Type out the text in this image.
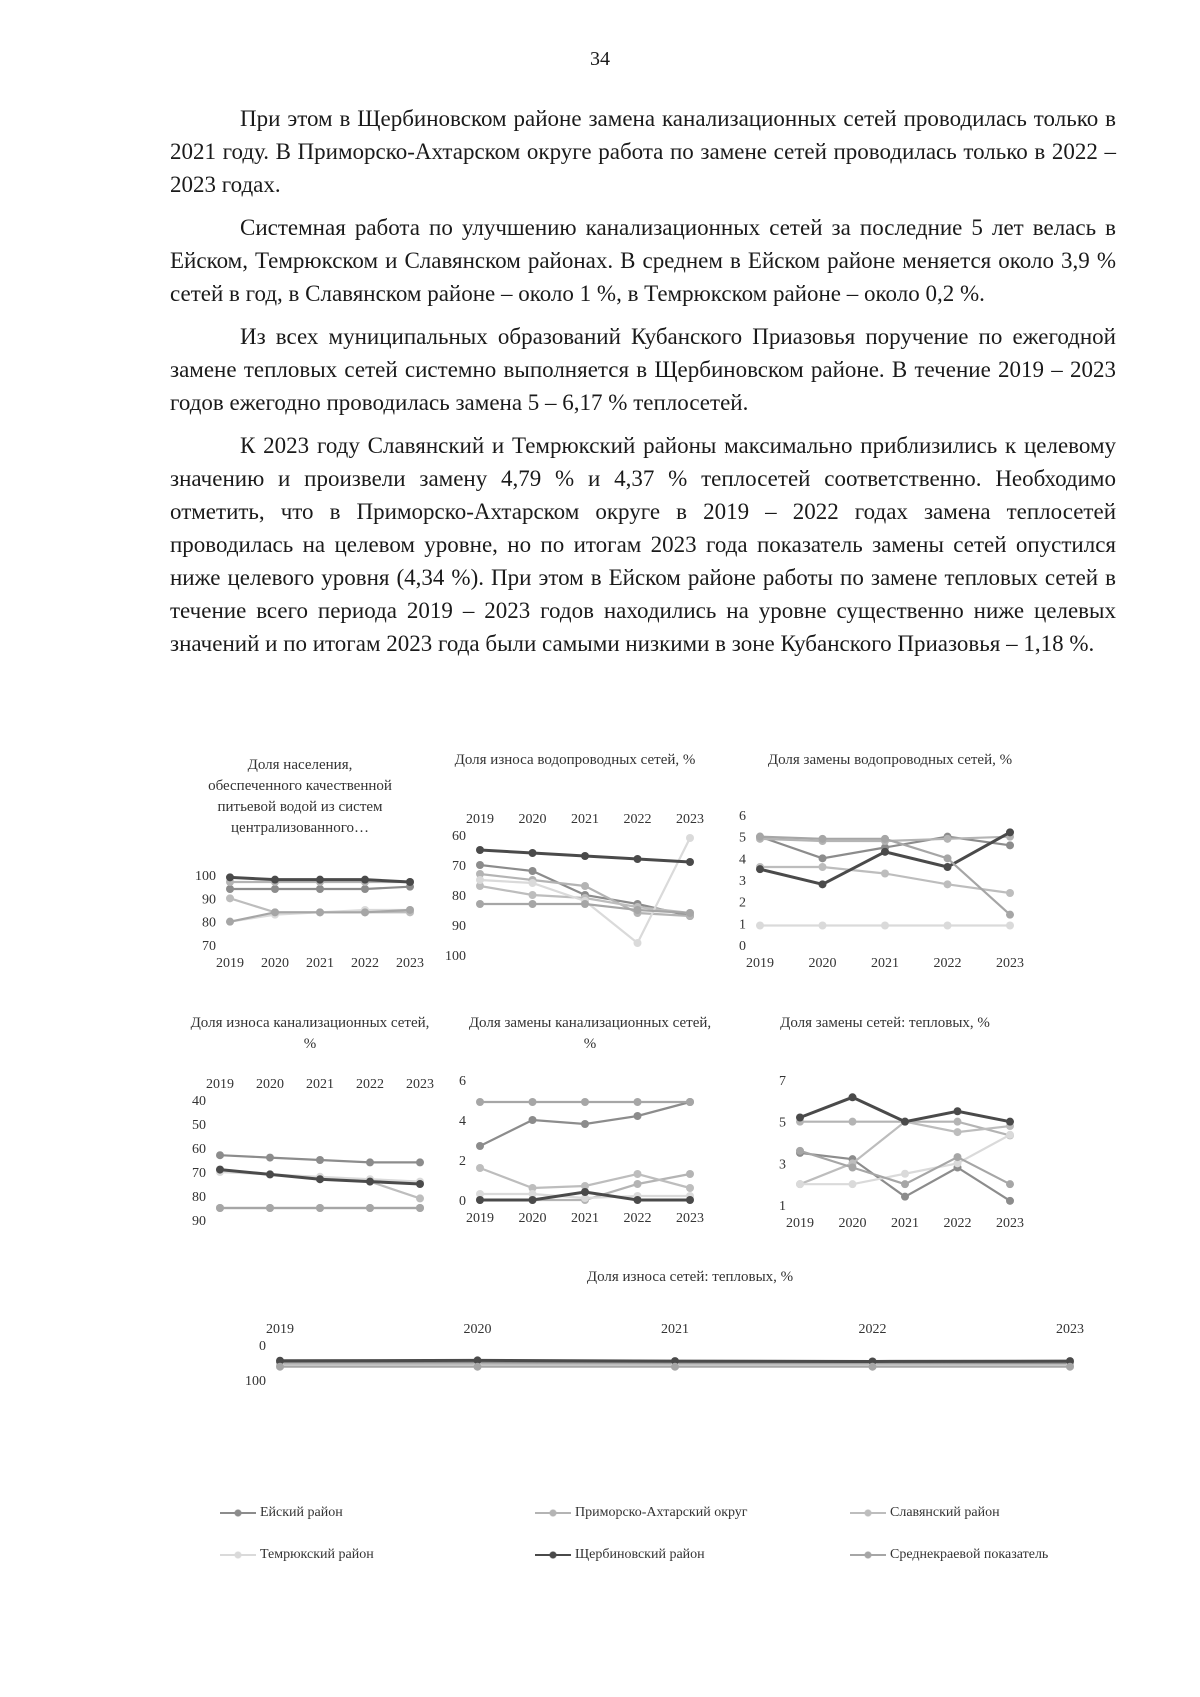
34

При этом в Щербиновском районе замена канализационных сетей проводилась только в 2021 году. В Приморско-Ахтарском округе работа по замене сетей проводилась только в 2022 – 2023 годах.

Системная работа по улучшению канализационных сетей за последние 5 лет велась в Ейском, Темрюкском и Славянском районах. В среднем в Ейском районе меняется около 3,9 % сетей в год, в Славянском районе – около 1 %, в Темрюкском районе – около 0,2 %.

Из всех муниципальных образований Кубанского Приазовья поручение по ежегодной замене тепловых сетей системно выполняется в Щербиновском районе. В течение 2019 – 2023 годов ежегодно проводилась замена 5 – 6,17 % теплосетей.

К 2023 году Славянский и Темрюкский районы максимально приблизились к целевому значению и произвели замену 4,79 % и 4,37 % теплосетей соответственно. Необходимо отметить, что в Приморско-Ахтарском округе в 2019 – 2022 годах замена теплосетей проводилась на целевом уровне, но по итогам 2023 года показатель замены сетей опустился ниже целевого уровня (4,34 %). При этом в Ейском районе работы по замене тепловых сетей в течение всего периода 2019 – 2023 годов находились на уровне существенно ниже целевых значений и по итогам 2023 года были самыми низкими в зоне Кубанского Приазовья – 1,18 %.

Доля населения, обеспеченного качественной питьевой водой из систем централизованного…
100
90
80
70
2019 2020 2021 2022 2023
Доля износа водопроводных сетей, %
60
70
80
90
100
2019 2020 2021 2022 2023
Доля замены водопроводных сетей, %
6
5
4
3
2
1
0
2019 2020 2021 2022 2023
Доля износа канализационных сетей, %
40
50
60
70
80
90
2019 2020 2021 2022 2023
Доля замены канализационных сетей, %
6
4
2
0
2019 2020 2021 2022 2023
Доля замены сетей: тепловых, %
7
5
3
1
2019 2020 2021 2022 2023
Доля износа сетей: тепловых, %
0
100
2019	2020	2021	2022	2023
Ейский район	Приморско-Ахтарский округ	Славянский район
Темрюкский район	Щербиновский район	Среднекраевой показатель
